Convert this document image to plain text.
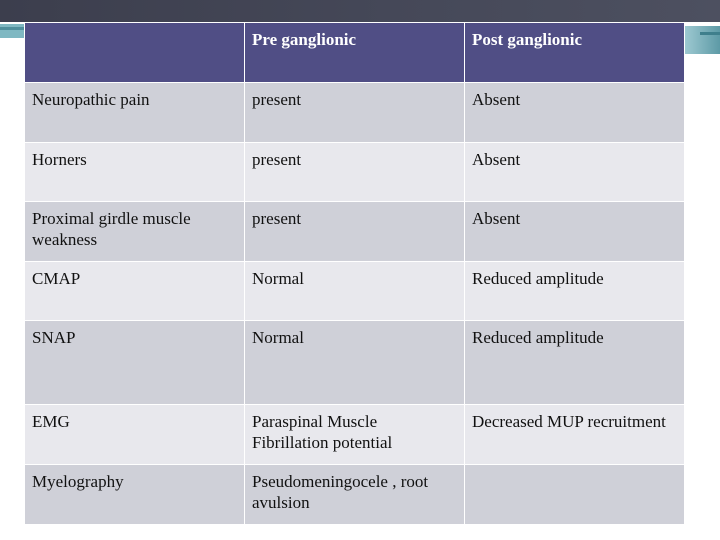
	Pre ganglionic	Post ganglionic
Neuropathic pain	present	Absent
Horners	present	Absent
Proximal girdle muscle weakness	present	Absent
CMAP	Normal	Reduced amplitude
SNAP	Normal	Reduced amplitude
EMG	Paraspinal Muscle Fibrillation potential	Decreased MUP recruitment
Myelography	Pseudomeningocele , root avulsion	
